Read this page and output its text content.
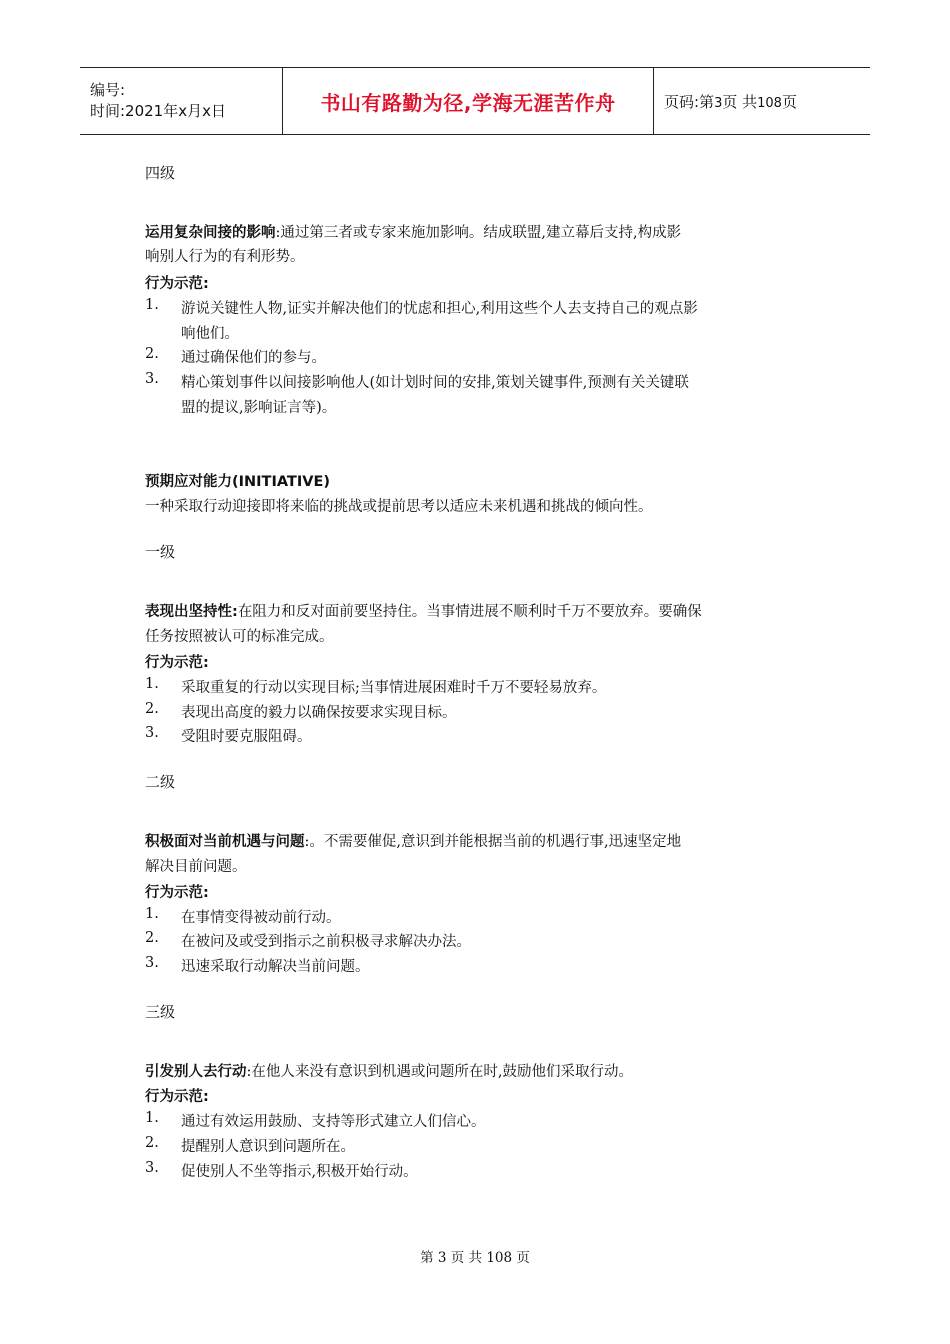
编号:
时间:2021年x月x日	书山有路勤为径,学海无涯苦作舟	页码:第3页 共108页
四级
运用复杂间接的影响:通过第三者或专家来施加影响。结成联盟,建立幕后支持,构成影
响别人行为的有利形势。
行为示范:
1. 游说关键性人物,证实并解决他们的忧虑和担心,利用这些个人去支持自己的观点影
响他们。
2. 通过确保他们的参与。
3. 精心策划事件以间接影响他人(如计划时间的安排,策划关键事件,预测有关关键联
盟的提议,影响证言等)。
预期应对能力(INITIATIVE)
一种采取行动迎接即将来临的挑战或提前思考以适应未来机遇和挑战的倾向性。
一级
表现出坚持性:在阻力和反对面前要坚持住。当事情进展不顺利时千万不要放弃。要确保
任务按照被认可的标准完成。
行为示范:
1. 采取重复的行动以实现目标;当事情进展困难时千万不要轻易放弃。
2. 表现出高度的毅力以确保按要求实现目标。
3. 受阻时要克服阻碍。
二级
积极面对当前机遇与问题:。不需要催促,意识到并能根据当前的机遇行事,迅速坚定地
解决目前问题。
行为示范:
1. 在事情变得被动前行动。
2. 在被问及或受到指示之前积极寻求解决办法。
3. 迅速采取行动解决当前问题。
三级
引发别人去行动:在他人来没有意识到机遇或问题所在时,鼓励他们采取行动。
行为示范:
1. 通过有效运用鼓励、支持等形式建立人们信心。
2. 提醒别人意识到问题所在。
3. 促使别人不坐等指示,积极开始行动。
第 3 页 共 108 页
